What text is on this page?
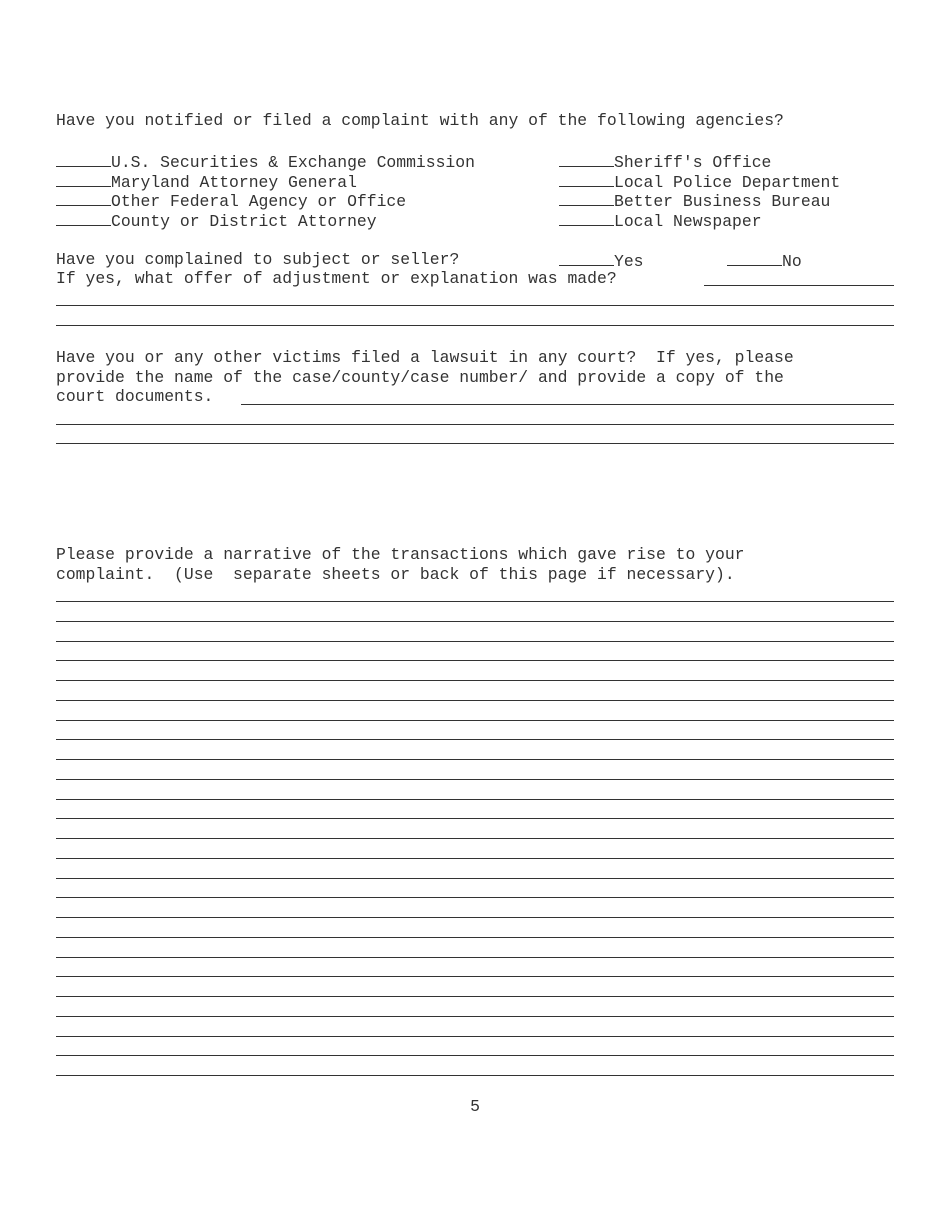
Have you notified or filed a complaint with any of the following agencies?
U.S. Securities & Exchange Commission
Maryland Attorney General
Other Federal Agency or Office
County or District Attorney
Sheriff's Office
Local Police Department
Better Business Bureau
Local Newspaper
Have you complained to subject or seller?	Yes	No
If yes, what offer of adjustment or explanation was made?
Have you or any other victims filed a lawsuit in any court?  If yes, please
provide the name of the case/county/case number/ and provide a copy of the
court documents.
Please provide a narrative of the transactions which gave rise to your
complaint.  (Use  separate sheets or back of this page if necessary).
5
